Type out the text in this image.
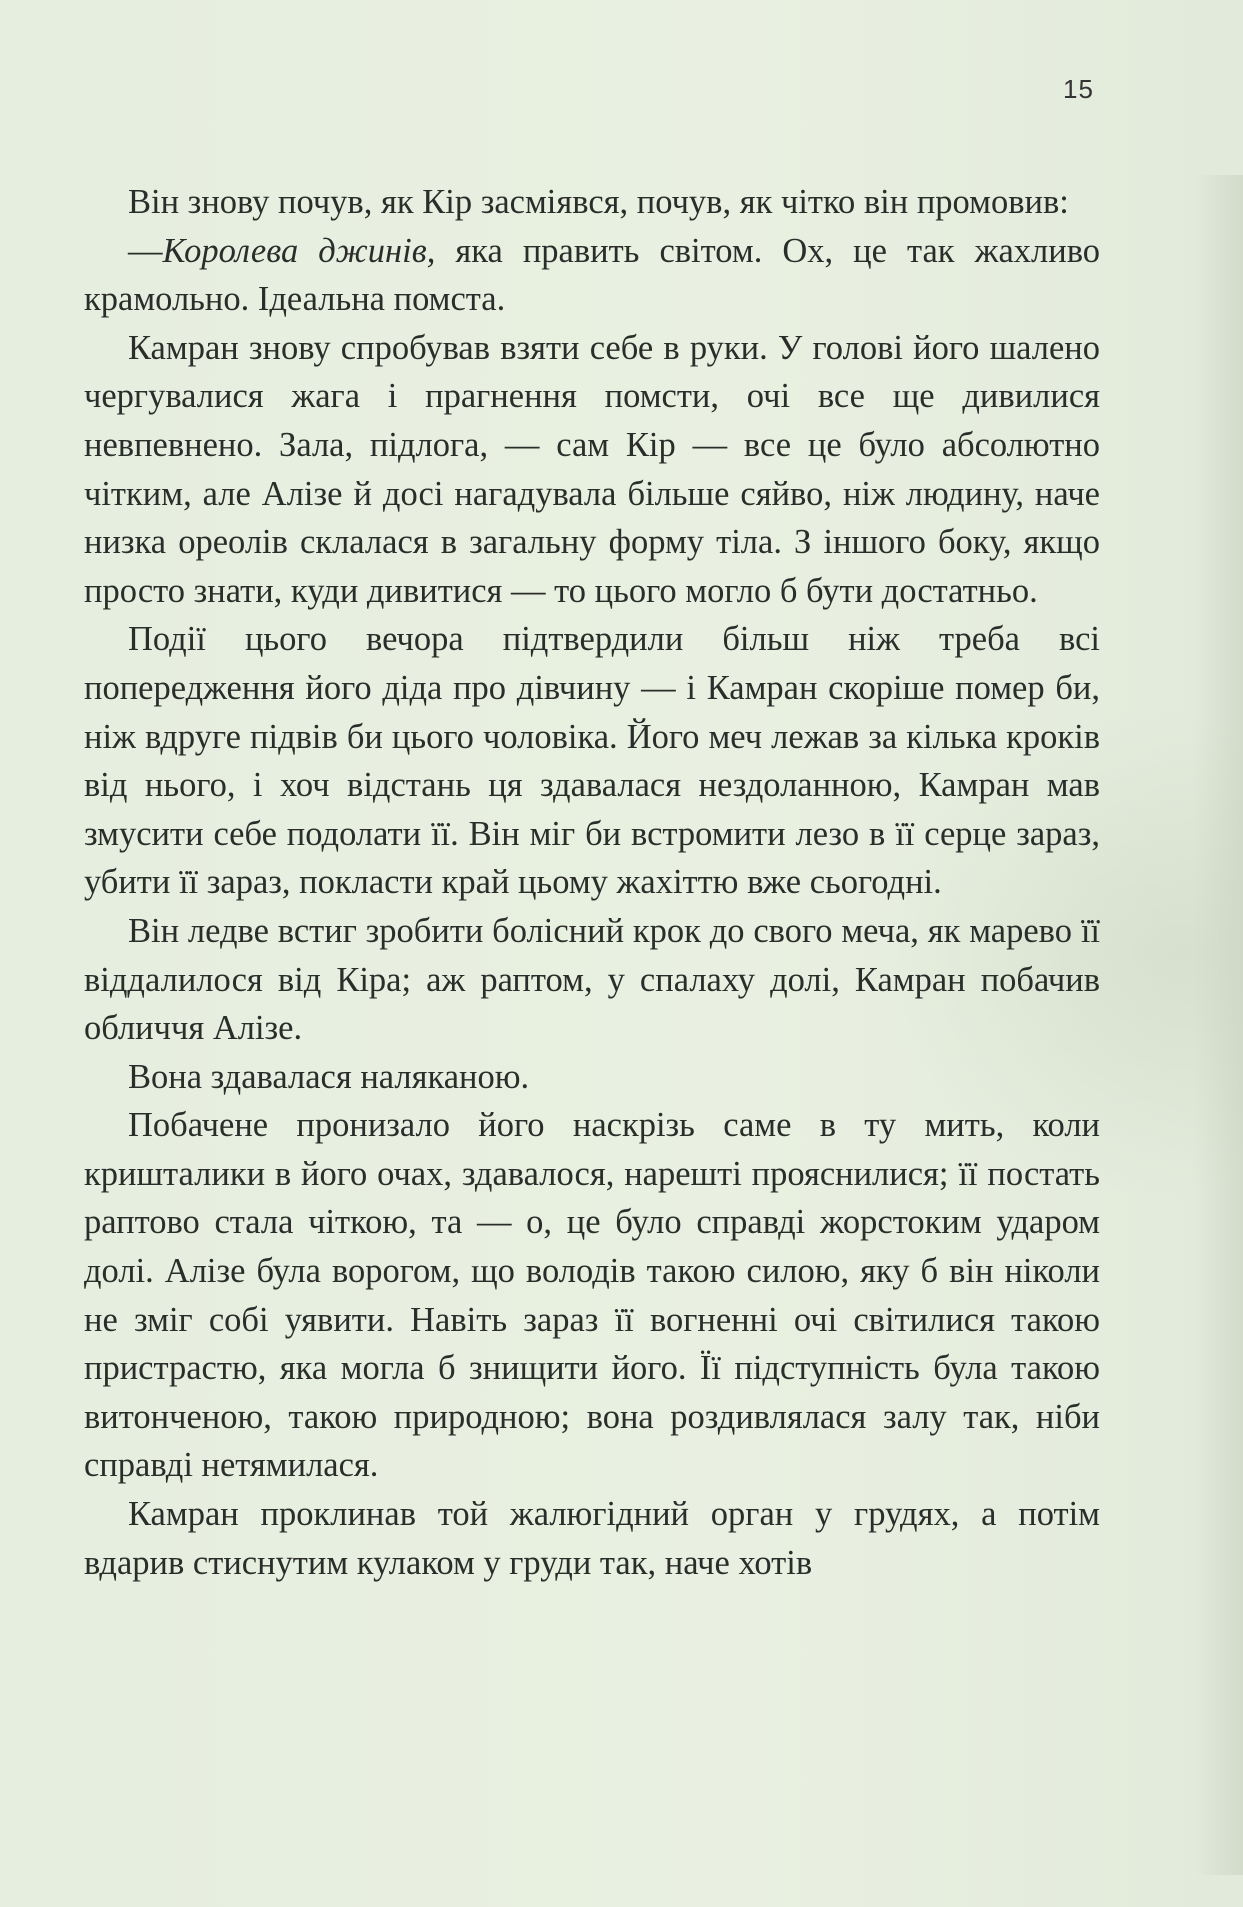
15

Він знову почув, як Кір засміявся, почув, як чітко він промовив:

—Королева джинів, яка править світом. Ох, це так жахливо крамольно. Ідеальна помста.

Камран знову спробував взяти себе в руки. У голові його шалено чергувалися жага і прагнення помсти, очі все ще дивилися невпевнено. Зала, підлога, — сам Кір — все це було абсолютно чітким, але Алізе й досі нагадувала більше сяйво, ніж людину, наче низка ореолів склалася в загальну форму тіла. З іншого боку, якщо просто знати, куди дивитися — то цього могло б бути достатньо.

Події цього вечора підтвердили більш ніж треба всі попередження його діда про дівчину — і Камран скоріше помер би, ніж вдруге підвів би цього чоловіка. Його меч лежав за кілька кроків від нього, і хоч відстань ця здавалася нездоланною, Камран мав змусити себе подолати її. Він міг би встромити лезо в її серце зараз, убити її зараз, покласти край цьому жахіттю вже сьогодні.

Він ледве встиг зробити болісний крок до свого меча, як марево її віддалилося від Кіра; аж раптом, у спалаху долі, Камран побачив обличчя Алізе.

Вона здавалася наляканою.

Побачене пронизало його наскрізь саме в ту мить, коли кришталики в його очах, здавалося, нарешті прояснилися; її постать раптово стала чіткою, та — о, це було справді жорстоким ударом долі. Алізе була ворогом, що володів такою силою, яку б він ніколи не зміг собі уявити. Навіть зараз її вогненні очі світилися такою пристрастю, яка могла б знищити його. Її підступність була такою витонченою, такою природною; вона роздивлялася залу так, ніби справді нетямилася.

Камран проклинав той жалюгідний орган у грудях, а потім вдарив стиснутим кулаком у груди так, наче хотів
